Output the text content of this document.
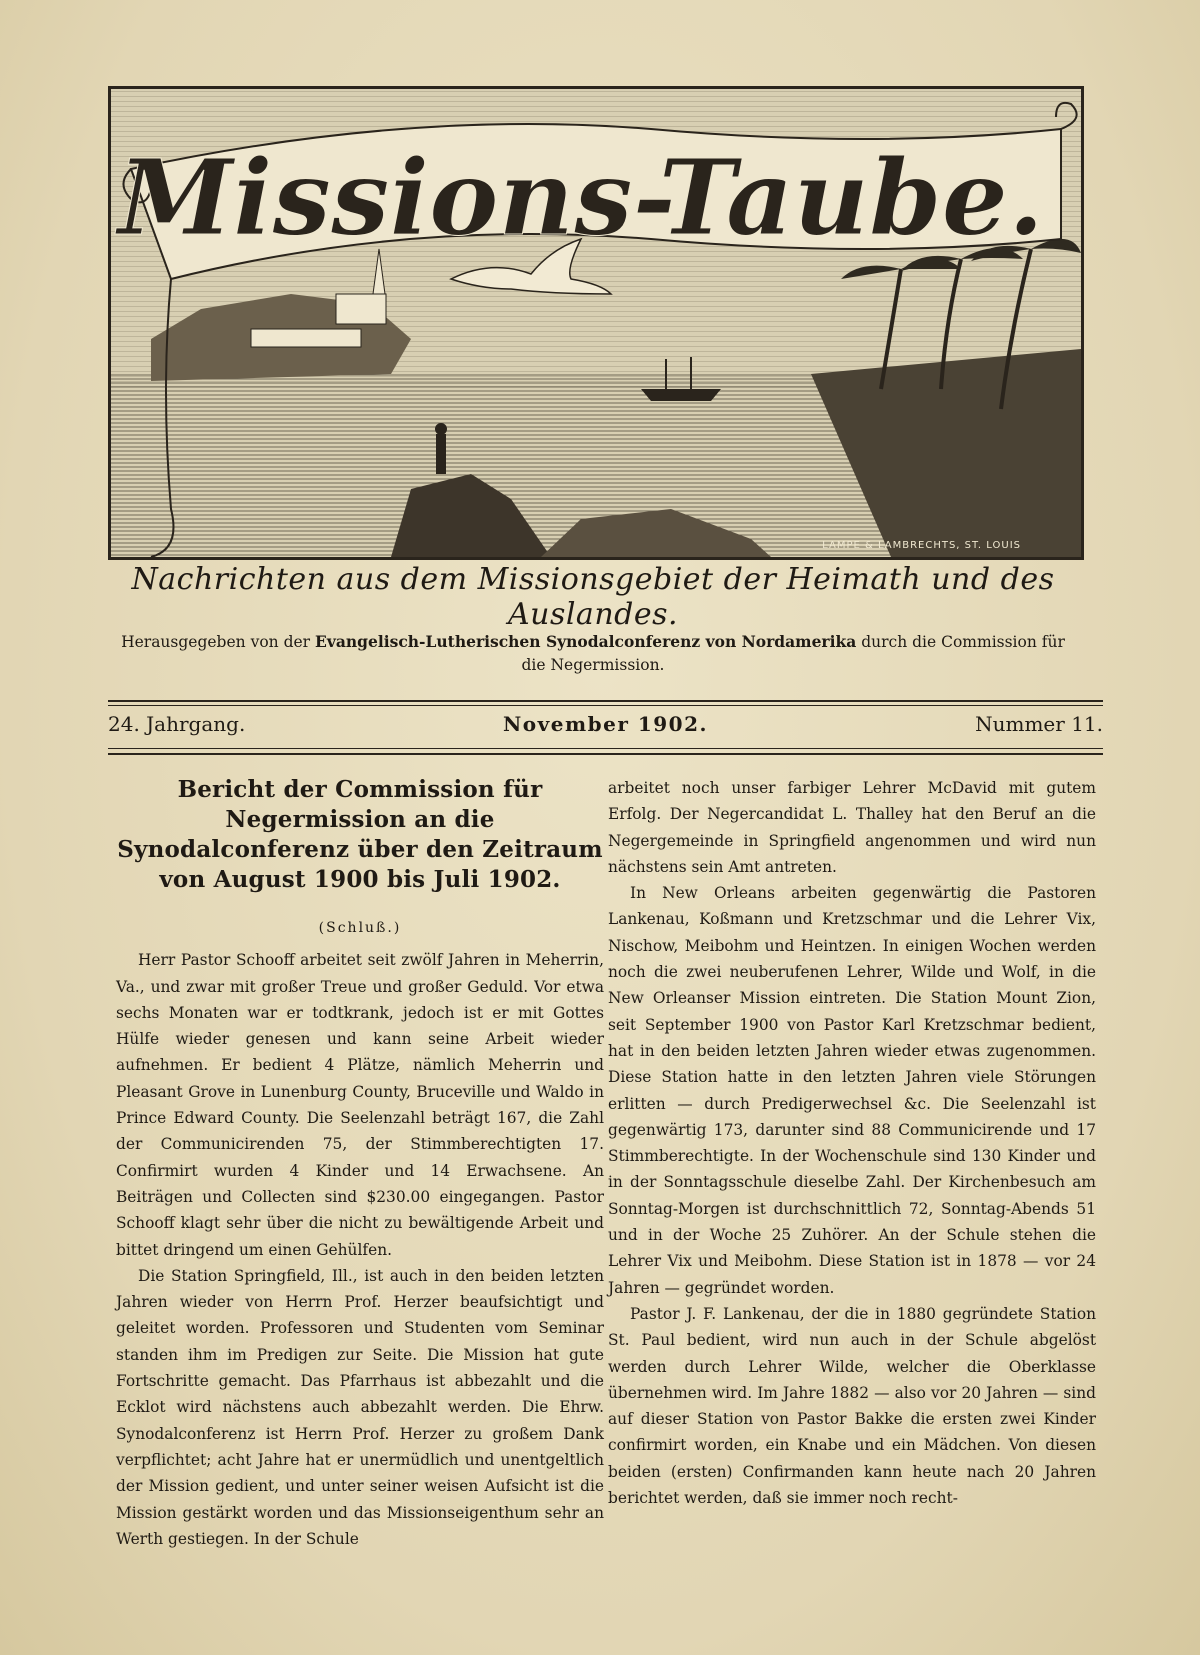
Missions-Taube.
LAMPE & LAMBRECHTS, ST. LOUIS
Nachrichten aus dem Missionsgebiet der Heimath und des Auslandes.
Herausgegeben von der Evangelisch-Lutherischen Synodalconferenz von Nordamerika durch die Commission für die Negermission.
24. Jahrgang.	November 1902.	Nummer 11.
Bericht der Commission für Negermission an die Synodalconferenz über den Zeitraum von August 1900 bis Juli 1902.
(Schluß.)

Herr Pastor Schooff arbeitet seit zwölf Jahren in Meherrin, Va., und zwar mit großer Treue und großer Geduld. Vor etwa sechs Monaten war er todtkrank, jedoch ist er mit Gottes Hülfe wieder genesen und kann seine Arbeit wieder aufnehmen. Er bedient 4 Plätze, nämlich Meherrin und Pleasant Grove in Lunenburg County, Bruceville und Waldo in Prince Edward County. Die Seelenzahl beträgt 167, die Zahl der Communicirenden 75, der Stimmberechtigten 17. Confirmirt wurden 4 Kinder und 14 Erwachsene. An Beiträgen und Collecten sind $230.00 eingegangen. Pastor Schooff klagt sehr über die nicht zu bewältigende Arbeit und bittet dringend um einen Gehülfen.

Die Station Springfield, Ill., ist auch in den beiden letzten Jahren wieder von Herrn Prof. Herzer beaufsichtigt und geleitet worden. Professoren und Studenten vom Seminar standen ihm im Predigen zur Seite. Die Mission hat gute Fortschritte gemacht. Das Pfarrhaus ist abbezahlt und die Ecklot wird nächstens auch abbezahlt werden. Die Ehrw. Synodalconferenz ist Herrn Prof. Herzer zu großem Dank verpflichtet; acht Jahre hat er unermüdlich und unentgeltlich der Mission gedient, und unter seiner weisen Aufsicht ist die Mission gestärkt worden und das Missionseigenthum sehr an Werth gestiegen. In der Schule

arbeitet noch unser farbiger Lehrer McDavid mit gutem Erfolg. Der Negercandidat L. Thalley hat den Beruf an die Negergemeinde in Springfield angenommen und wird nun nächstens sein Amt antreten.

In New Orleans arbeiten gegenwärtig die Pastoren Lankenau, Koßmann und Kretzschmar und die Lehrer Vix, Nischow, Meibohm und Heintzen. In einigen Wochen werden noch die zwei neuberufenen Lehrer, Wilde und Wolf, in die New Orleanser Mission eintreten. Die Station Mount Zion, seit September 1900 von Pastor Karl Kretzschmar bedient, hat in den beiden letzten Jahren wieder etwas zugenommen. Diese Station hatte in den letzten Jahren viele Störungen erlitten — durch Predigerwechsel &c. Die Seelenzahl ist gegenwärtig 173, darunter sind 88 Communicirende und 17 Stimmberechtigte. In der Wochenschule sind 130 Kinder und in der Sonntagsschule dieselbe Zahl. Der Kirchenbesuch am Sonntag-Morgen ist durchschnittlich 72, Sonntag-Abends 51 und in der Woche 25 Zuhörer. An der Schule stehen die Lehrer Vix und Meibohm. Diese Station ist in 1878 — vor 24 Jahren — gegründet worden.

Pastor J. F. Lankenau, der die in 1880 gegründete Station St. Paul bedient, wird nun auch in der Schule abgelöst werden durch Lehrer Wilde, welcher die Oberklasse übernehmen wird. Im Jahre 1882 — also vor 20 Jahren — sind auf dieser Station von Pastor Bakke die ersten zwei Kinder confirmirt worden, ein Knabe und ein Mädchen. Von diesen beiden (ersten) Confirmanden kann heute nach 20 Jahren berichtet werden, daß sie immer noch recht-
